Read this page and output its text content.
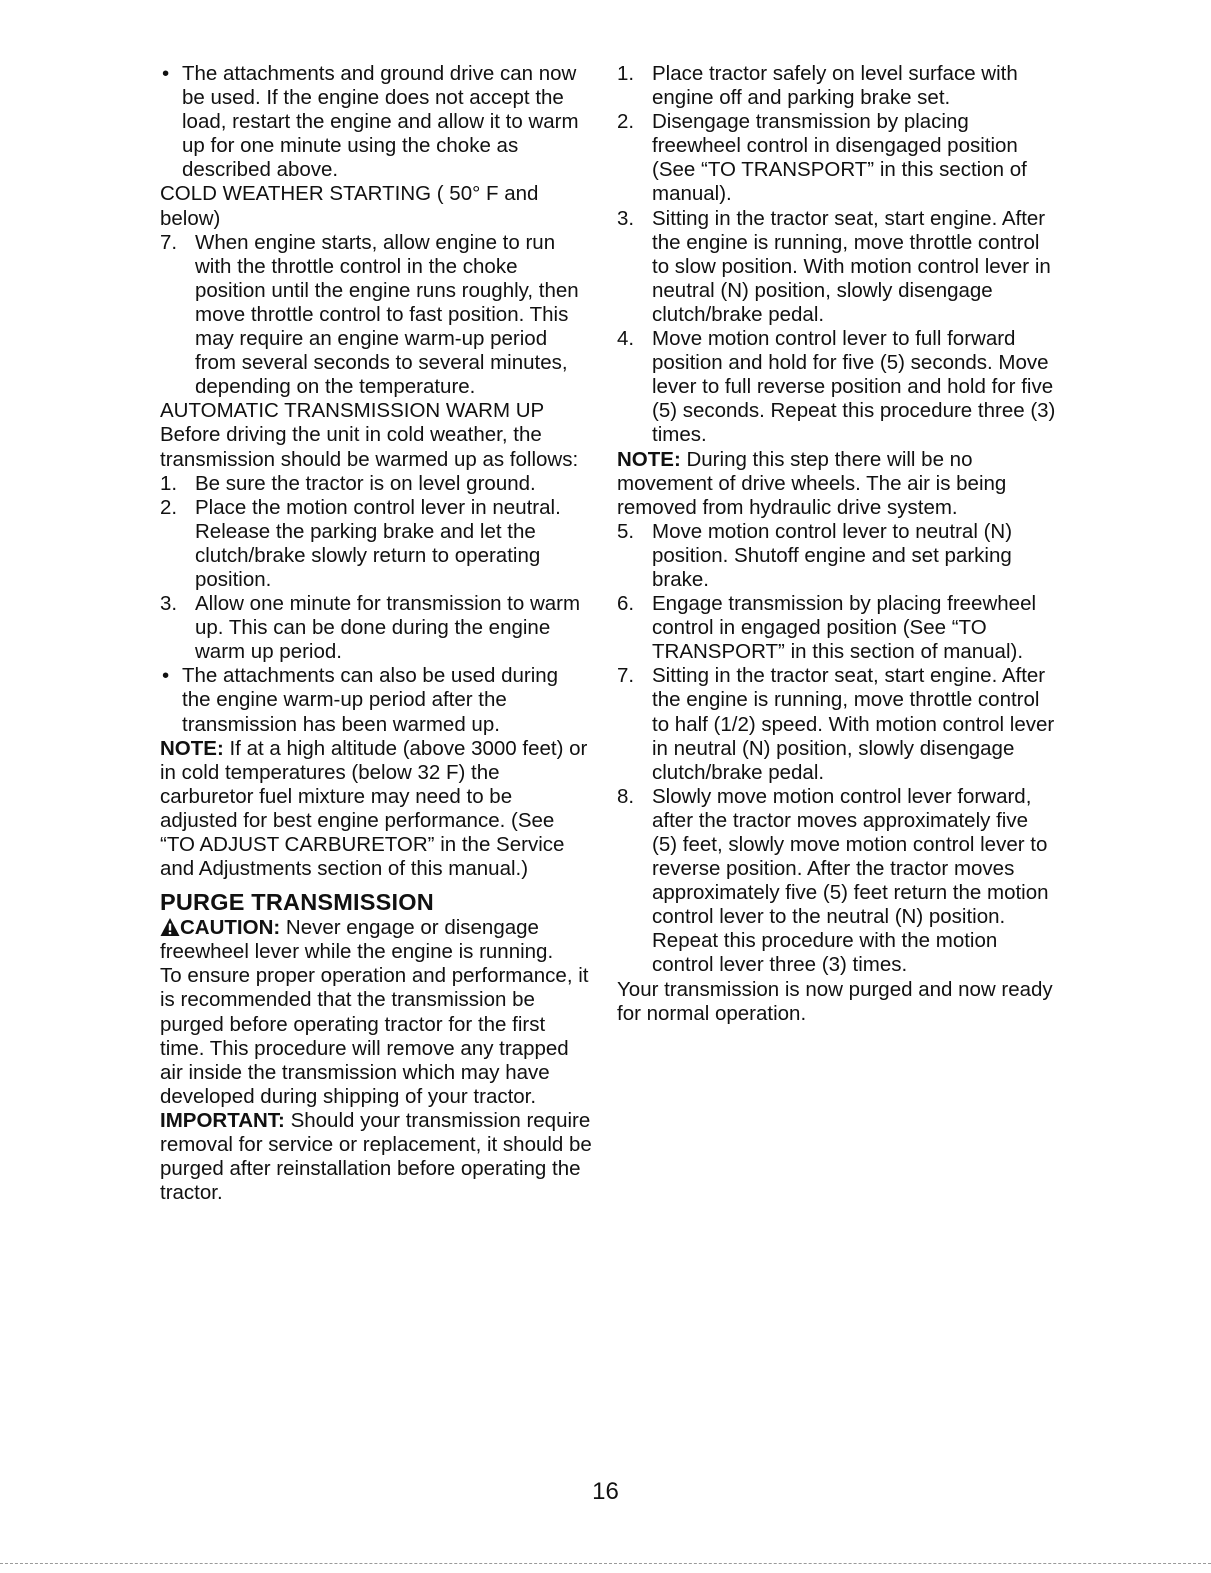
• The attachments and ground drive can now be used. If the engine does not accept the load, restart the engine and allow it to warm up for one minute using the choke as described above.

COLD WEATHER STARTING ( 50° F and below)

7. When engine starts, allow engine to run with the throttle control in the choke position until the engine runs roughly, then move throttle control to fast position. This may require an engine warm-up period from several seconds to several minutes, depending on the temperature.

AUTOMATIC TRANSMISSION WARM UP

Before driving the unit in cold weather, the transmission should be warmed up as follows:

1. Be sure the tractor is on level ground.

2. Place the motion control lever in neutral. Release the parking brake and let the clutch/brake slowly return to operating position.

3. Allow one minute for transmission to warm up. This can be done during the engine warm up period.

• The attachments can also be used during the engine warm-up period after the transmission has been warmed up.

NOTE: If at a high altitude (above 3000 feet) or in cold temperatures (below 32 F) the carburetor fuel mixture may need to be adjusted for best engine performance. (See “TO ADJUST CARBURETOR” in the Service and Adjustments section of this manual.)

PURGE TRANSMISSION

CAUTION: Never engage or disengage freewheel lever while the engine is running.

To ensure proper operation and performance, it is recommended that the transmission be purged before operating tractor for the first time. This procedure will remove any trapped air inside the transmission which may have developed during shipping of your tractor.

IMPORTANT: Should your transmission require removal for service or replacement, it should be purged after reinstallation before operating the tractor.

1. Place tractor safely on level surface with engine off and parking brake set.

2. Disengage transmission by placing freewheel control in disengaged position (See “TO TRANSPORT” in this section of manual).

3. Sitting in the tractor seat, start engine. After the engine is running, move throttle control to slow position. With motion control lever in neutral (N) position, slowly disengage clutch/brake pedal.

4. Move motion control lever to full forward position and hold for five (5) seconds. Move lever to full reverse position and hold for five (5) seconds. Repeat this procedure three (3) times.

NOTE: During this step there will be no movement of drive wheels. The air is being removed from hydraulic drive system.

5. Move motion control lever to neutral (N) position. Shutoff engine and set parking brake.

6. Engage transmission by placing freewheel control in engaged position (See “TO TRANSPORT” in this section of manual).

7. Sitting in the tractor seat, start engine. After the engine is running, move throttle control to half (1/2) speed. With motion control lever in neutral (N) position, slowly disengage clutch/brake pedal.

8. Slowly move motion control lever forward, after the tractor moves approximately five (5) feet, slowly move motion control lever to reverse position. After the tractor moves approximately five (5) feet return the motion control lever to the neutral (N) position. Repeat this procedure with the motion control lever three (3) times.

Your transmission is now purged and now ready for normal operation.

16
